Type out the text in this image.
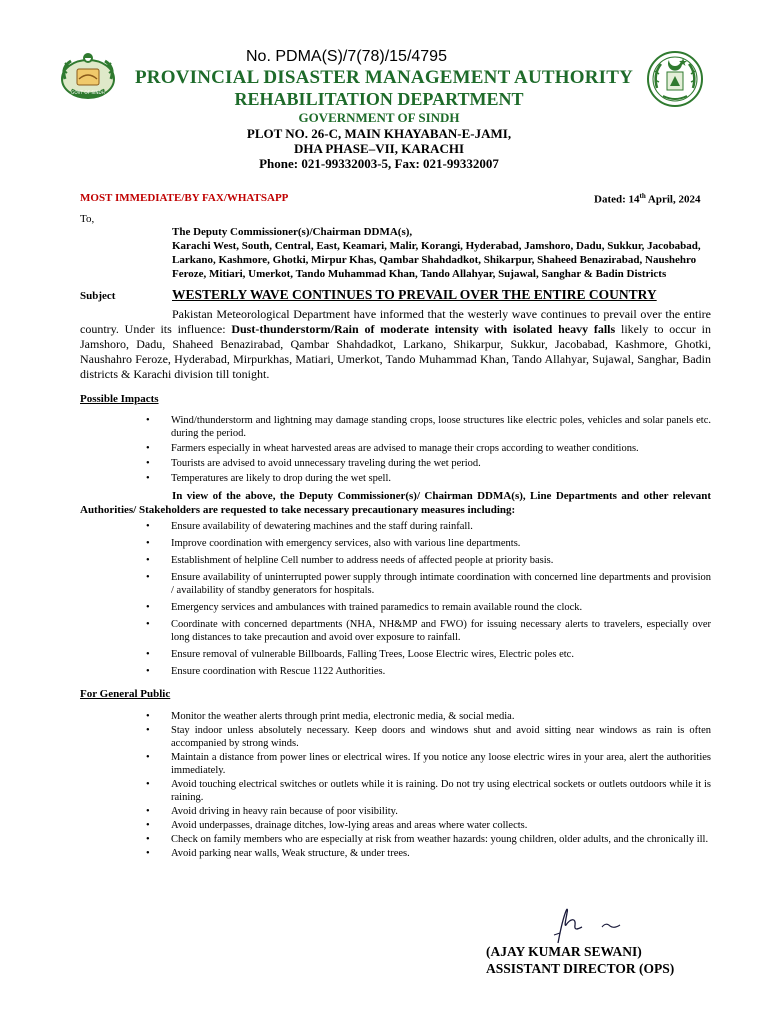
GOVT OF SINDH
No. PDMA(S)/7(78)/15/4795
PROVINCIAL DISASTER MANAGEMENT AUTHORITY
REHABILITATION DEPARTMENT
GOVERNMENT OF SINDH
PLOT NO. 26-C, MAIN KHAYABAN-E-JAMI,
DHA PHASE–VII, KARACHI
Phone: 021-99332003-5, Fax: 021-99332007
MOST IMMEDIATE/BY FAX/WHATSAPP	Dated: 14th April, 2024
To,
The Deputy Commissioner(s)/Chairman DDMA(s),
Karachi West, South, Central, East, Keamari, Malir, Korangi, Hyderabad, Jamshoro, Dadu, Sukkur, Jacobabad, Larkano, Kashmore, Ghotki, Mirpur Khas, Qambar Shahdadkot, Shikarpur, Shaheed Benazirabad, Naushehro Feroze, Mitiari, Umerkot, Tando Muhammad Khan, Tando Allahyar, Sujawal, Sanghar & Badin Districts
Subject	WESTERLY WAVE CONTINUES TO PREVAIL OVER THE ENTIRE COUNTRY
Pakistan Meteorological Department have informed that the westerly wave continues to prevail over the entire country. Under its influence: Dust-thunderstorm/Rain of moderate intensity with isolated heavy falls likely to occur in Jamshoro, Dadu, Shaheed Benazirabad, Qambar Shahdadkot, Larkano, Shikarpur, Sukkur, Jacobabad, Kashmore, Ghotki, Naushahro Feroze, Hyderabad, Mirpurkhas, Matiari, Umerkot, Tando Muhammad Khan, Tando Allahyar, Sujawal, Sanghar, Badin districts & Karachi division till tonight.
Possible Impacts
• Wind/thunderstorm and lightning may damage standing crops, loose structures like electric poles, vehicles and solar panels etc. during the period.
• Farmers especially in wheat harvested areas are advised to manage their crops according to weather conditions.
• Tourists are advised to avoid unnecessary traveling during the wet period.
• Temperatures are likely to drop during the wet spell.
In view of the above, the Deputy Commissioner(s)/ Chairman DDMA(s), Line Departments and other relevant Authorities/ Stakeholders are requested to take necessary precautionary measures including:
• Ensure availability of dewatering machines and the staff during rainfall.
• Improve coordination with emergency services, also with various line departments.
• Establishment of helpline Cell number to address needs of affected people at priority basis.
• Ensure availability of uninterrupted power supply through intimate coordination with concerned line departments and provision / availability of standby generators for hospitals.
• Emergency services and ambulances with trained paramedics to remain available round the clock.
• Coordinate with concerned departments (NHA, NH&MP and FWO) for issuing necessary alerts to travelers, especially over long distances to take precaution and avoid over exposure to rainfall.
• Ensure removal of vulnerable Billboards, Falling Trees, Loose Electric wires, Electric poles etc.
• Ensure coordination with Rescue 1122 Authorities.
For General Public
• Monitor the weather alerts through print media, electronic media, & social media.
• Stay indoor unless absolutely necessary. Keep doors and windows shut and avoid sitting near windows as rain is often accompanied by strong winds.
• Maintain a distance from power lines or electrical wires. If you notice any loose electric wires in your area, alert the authorities immediately.
• Avoid touching electrical switches or outlets while it is raining. Do not try using electrical sockets or outlets outdoors while it is raining.
• Avoid driving in heavy rain because of poor visibility.
• Avoid underpasses, drainage ditches, low-lying areas and areas where water collects.
• Check on family members who are especially at risk from weather hazards: young children, older adults, and the chronically ill.
• Avoid parking near walls, Weak structure, & under trees.
(AJAY KUMAR SEWANI)
ASSISTANT DIRECTOR (OPS)
